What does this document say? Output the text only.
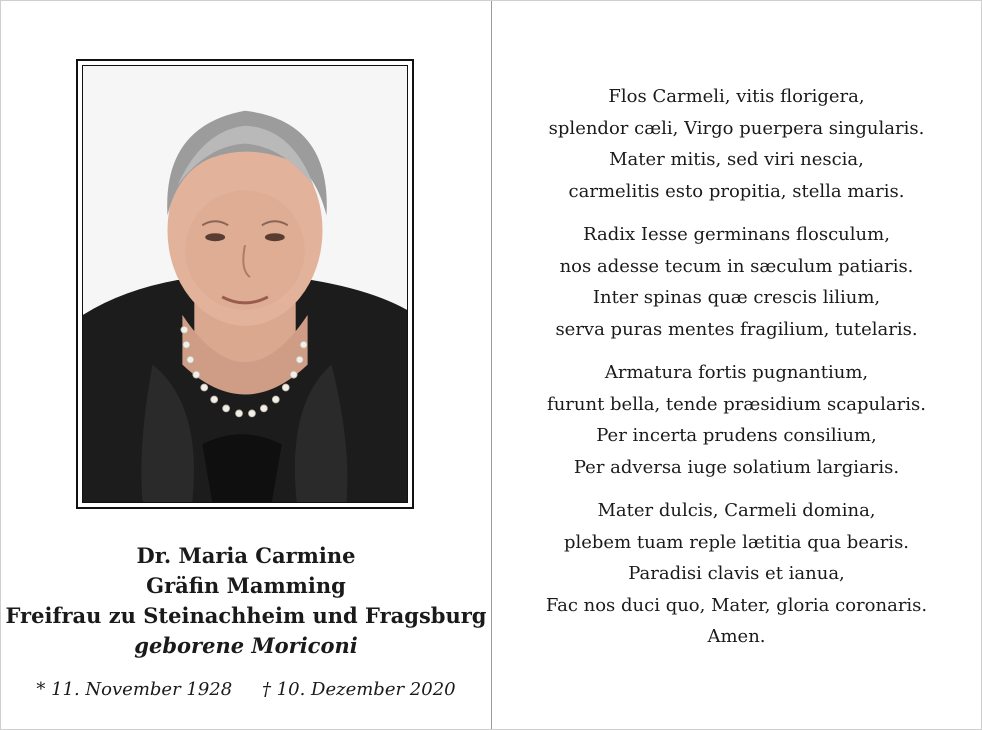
Dr. Maria Carmine
Gräfin Mamming
Freifrau zu Steinachheim und Fragsburg
geborene Moriconi
* 11. November 1928 † 10. Dezember 2020
Flos Carmeli, vitis florigera,
splendor cæli, Virgo puerpera singularis.
Mater mitis, sed viri nescia,
carmelitis esto propitia, stella maris.
Radix Iesse germinans flosculum,
nos adesse tecum in sæculum patiaris.
Inter spinas quæ crescis lilium,
serva puras mentes fragilium, tutelaris.
Armatura fortis pugnantium,
furunt bella, tende præsidium scapularis.
Per incerta prudens consilium,
Per adversa iuge solatium largiaris.
Mater dulcis, Carmeli domina,
plebem tuam reple lætitia qua bearis.
Paradisi clavis et ianua,
Fac nos duci quo, Mater, gloria coronaris.
Amen.
